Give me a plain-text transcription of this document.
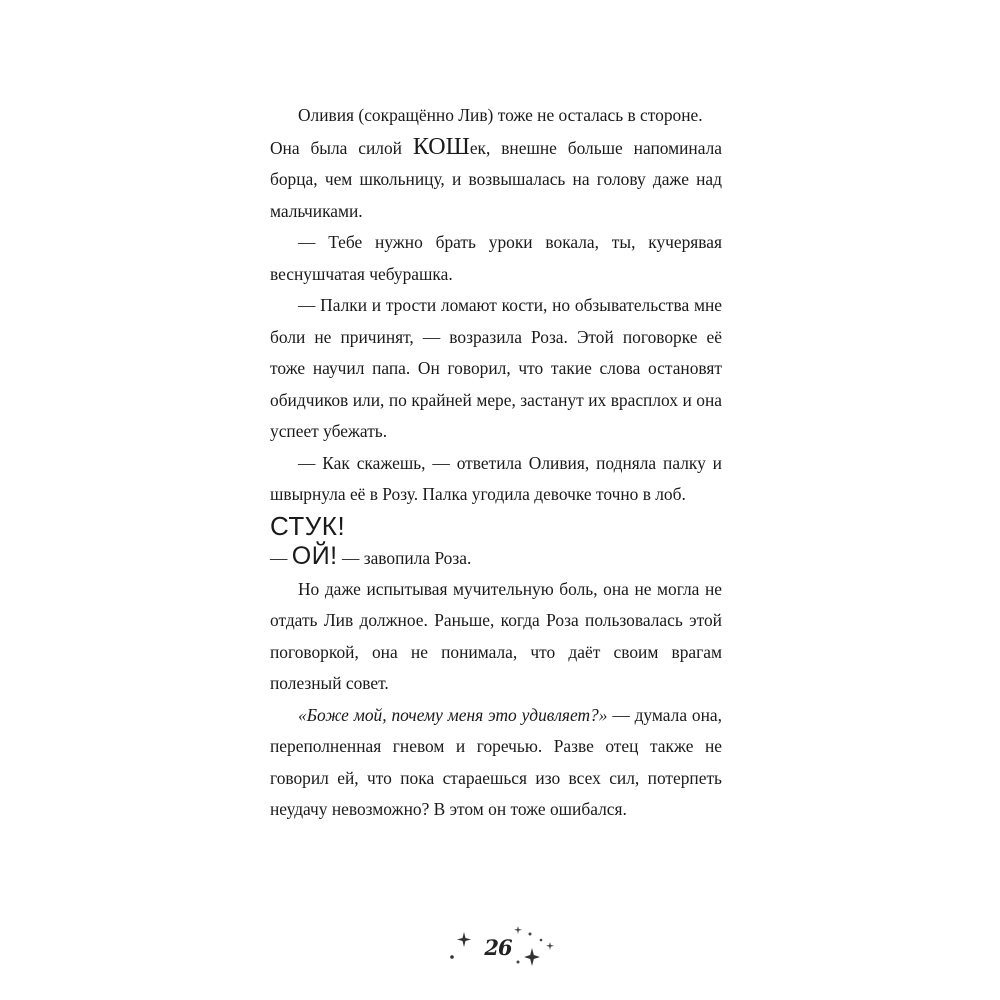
Оливия (сокращённо Лив) тоже не осталась в стороне.
Она была силой КОШек, внешне больше напоминала борца, чем школьницу, и возвышалась на голову даже над мальчиками.

— Тебе нужно брать уроки вокала, ты, кучерявая веснушчатая чебурашка.

— Палки и трости ломают кости, но обзывательства мне боли не причинят, — возразила Роза. Этой поговорке её тоже научил папа. Он говорил, что такие слова остановят обидчиков или, по крайней мере, застанут их врасплох и она успеет убежать.

— Как скажешь, — ответила Оливия, подняла палку и швырнула её в Розу. Палка угодила девочке точно в лоб.

СТУК!

— ОЙ! — завопила Роза.

Но даже испытывая мучительную боль, она не могла не отдать Лив должное. Раньше, когда Роза пользовалась этой поговоркой, она не понимала, что даёт своим врагам полезный совет.

«Боже мой, почему меня это удивляет?» — думала она, переполненная гневом и горечью. Разве отец также не говорил ей, что пока стараешься изо всех сил, потерпеть неудачу невозможно? В этом он тоже ошибался.

26
